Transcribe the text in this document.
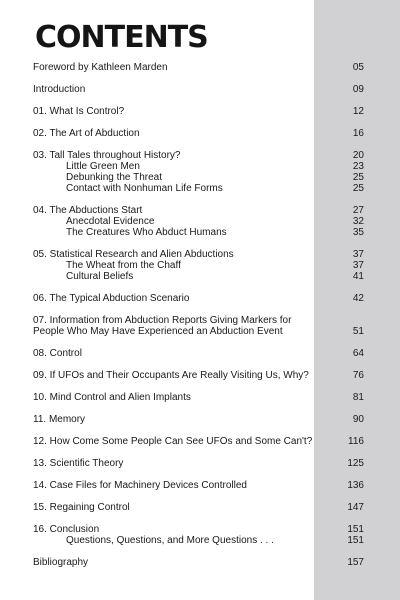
CONTENTS
Foreword by Kathleen Marden	05
Introduction	09
01. What Is Control?	12
02. The Art of Abduction	16
03. Tall Tales throughout History?	20
Little Green Men	23
Debunking the Threat	25
Contact with Nonhuman Life Forms	25
04. The Abductions Start	27
Anecdotal Evidence	32
The Creatures Who Abduct Humans	35
05. Statistical Research and Alien Abductions	37
The Wheat from the Chaff	37
Cultural Beliefs	41
06. The Typical Abduction Scenario	42
07. Information from Abduction Reports Giving Markers for People Who May Have Experienced an Abduction Event	51
08. Control	64
09. If UFOs and Their Occupants Are Really Visiting Us, Why?	76
10. Mind Control and Alien Implants	81
11. Memory	90
12. How Come Some People Can See UFOs and Some Can't?	116
13. Scientific Theory	125
14. Case Files for Machinery Devices Controlled	136
15. Regaining Control	147
16. Conclusion	151
Questions, Questions, and More Questions . . .	151
Bibliography	157
